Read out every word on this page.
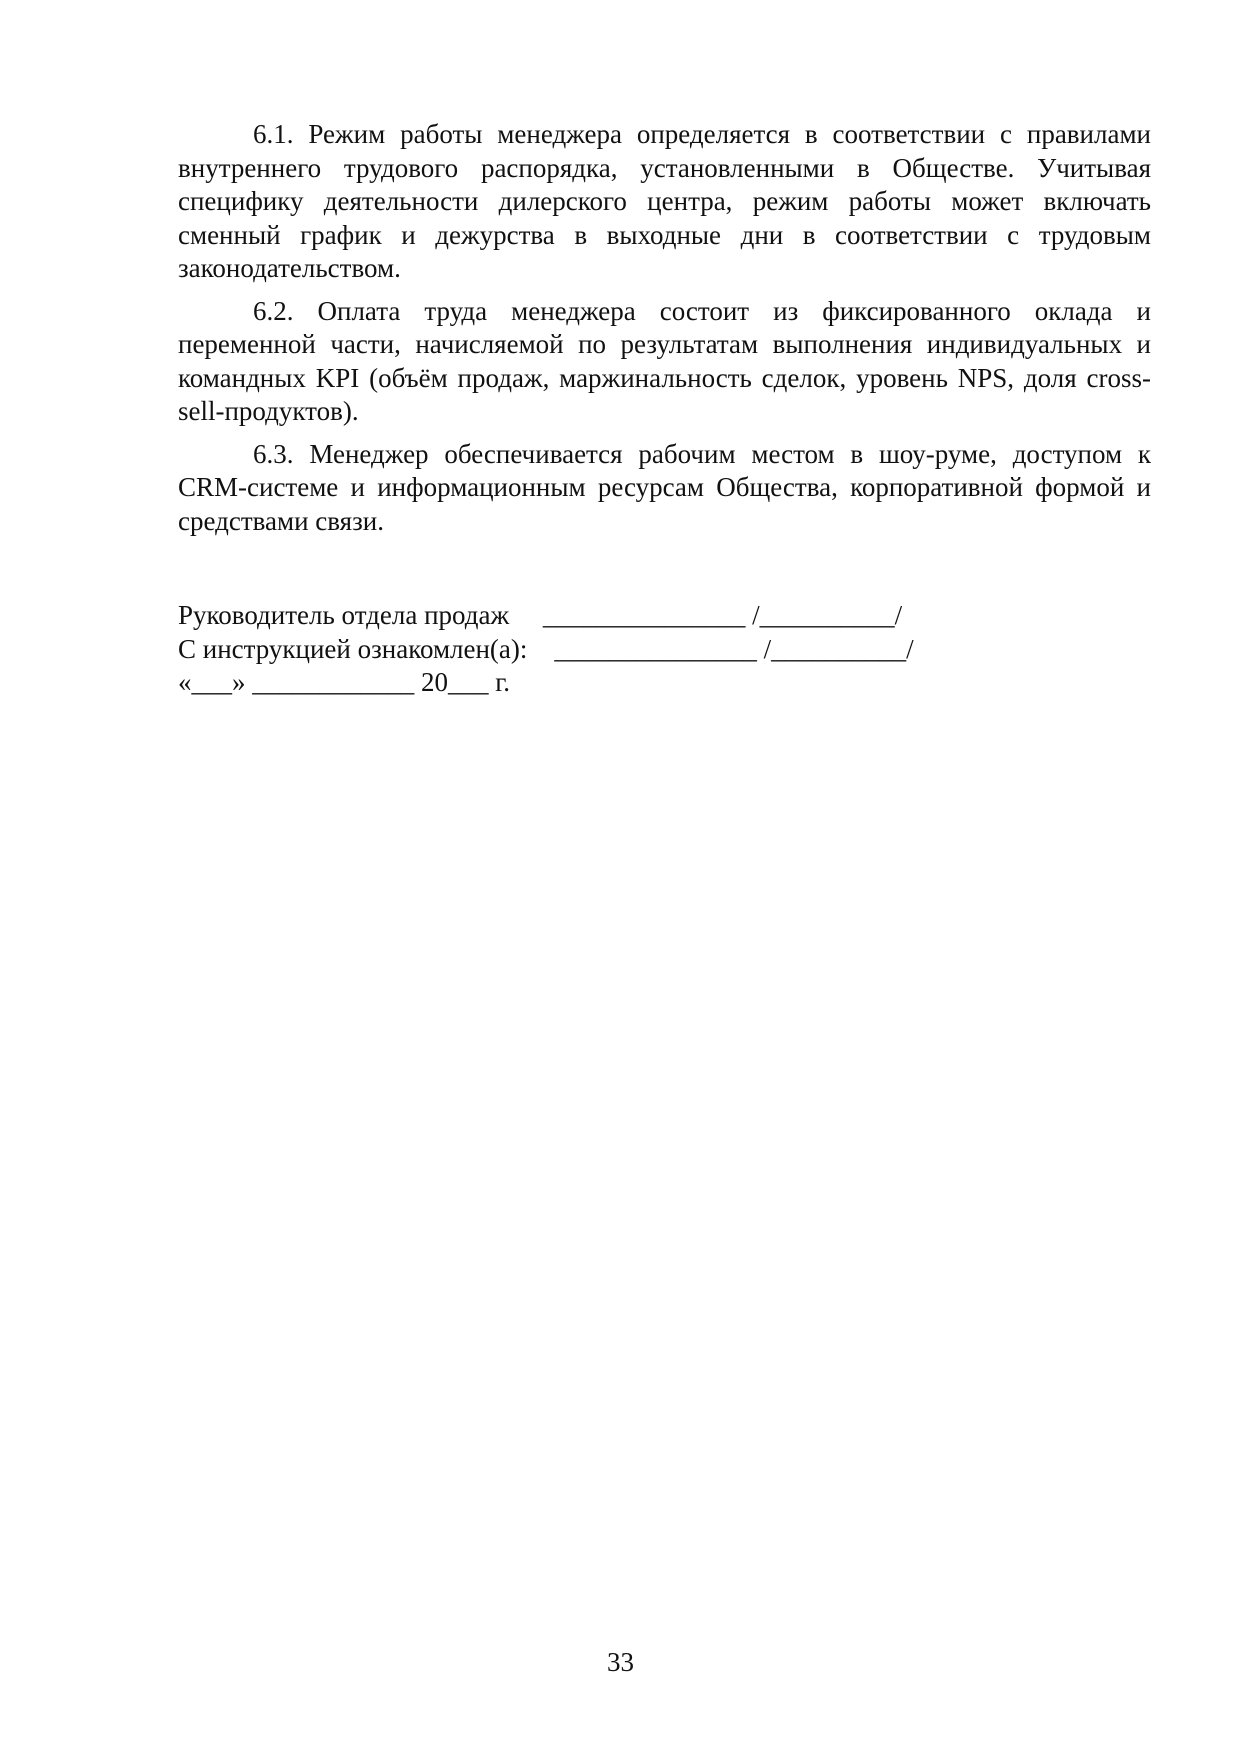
6.1. Режим работы менеджера определяется в соответствии с правилами внутреннего трудового распорядка, установленными в Обществе. Учитывая специфику деятельности дилерского центра, режим работы может включать сменный график и дежурства в выходные дни в соответствии с трудовым законодательством.

6.2. Оплата труда менеджера состоит из фиксированного оклада и переменной части, начисляемой по результатам выполнения индивидуальных и командных KPI (объём продаж, маржинальность сделок, уровень NPS, доля cross-sell-продуктов).

6.3. Менеджер обеспечивается рабочим местом в шоу-руме, доступом к CRM-системе и информационным ресурсам Общества, корпоративной формой и средствами связи.

Руководитель отдела продаж     _______________ /__________/

С инструкцией ознакомлен(а):    _______________ /__________/

«___» ____________ 20___ г.

33
